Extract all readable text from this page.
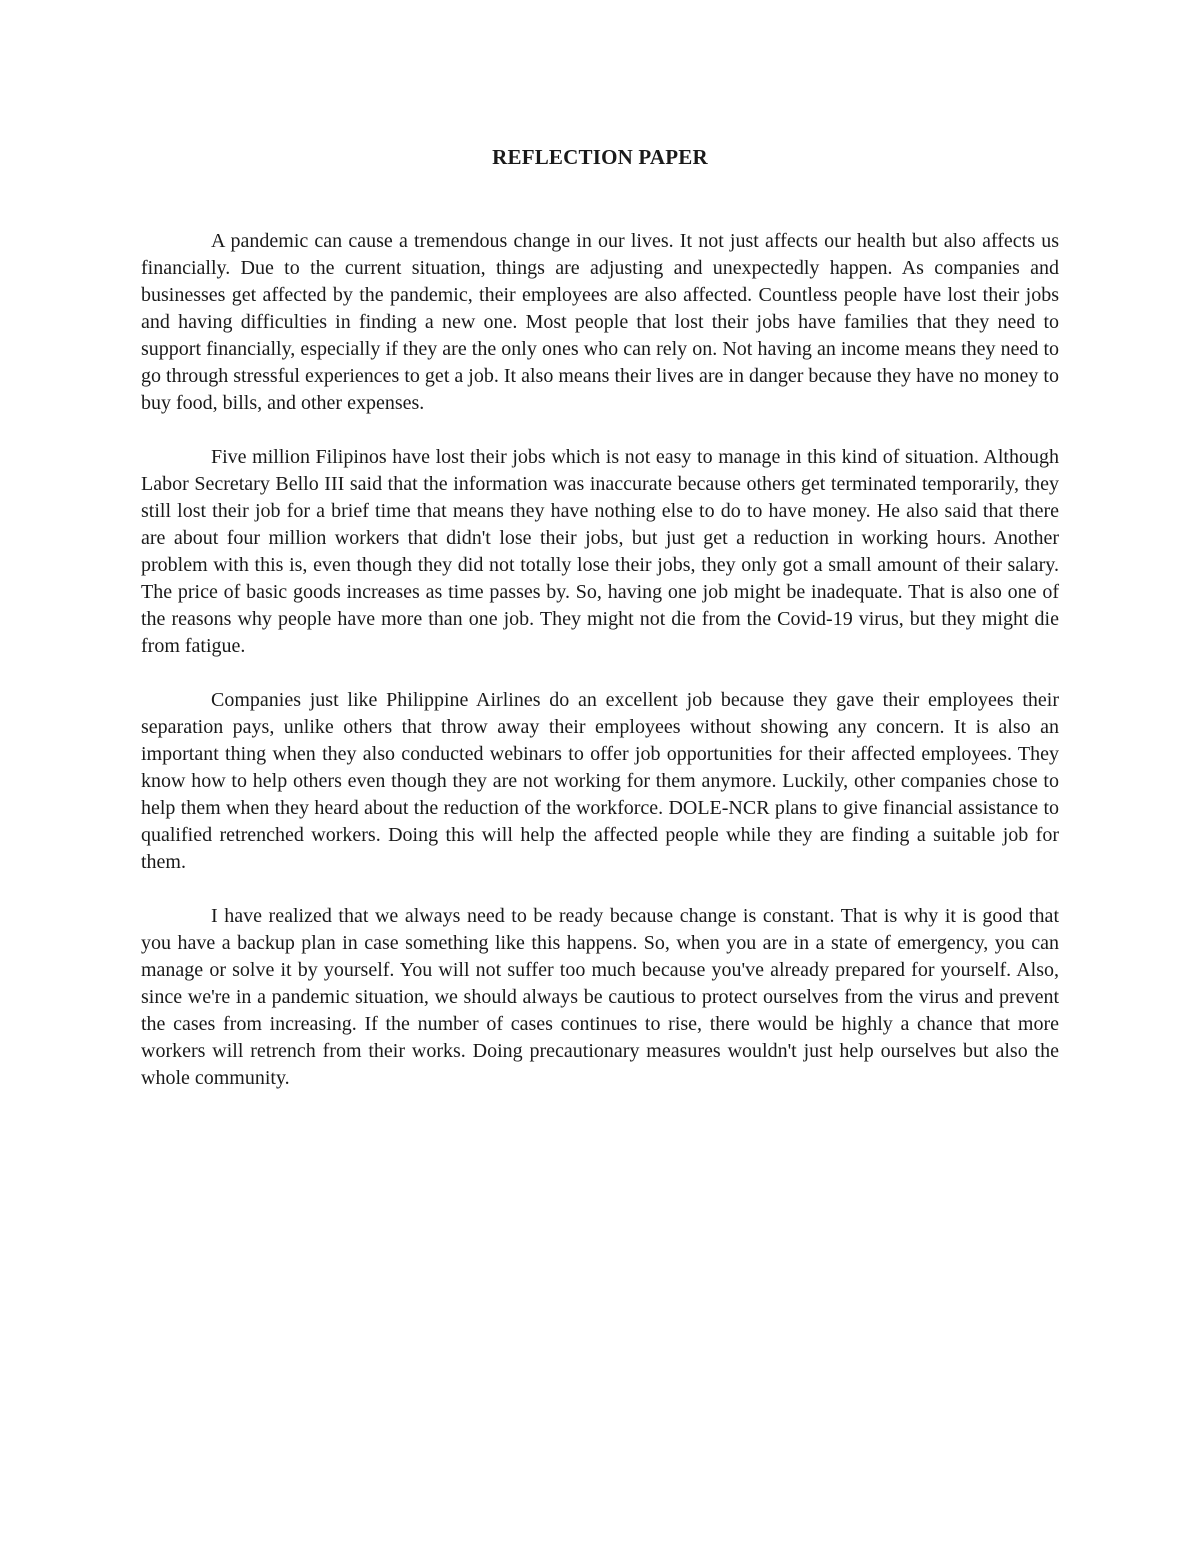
REFLECTION PAPER

A pandemic can cause a tremendous change in our lives. It not just affects our health but also affects us financially. Due to the current situation, things are adjusting and unexpectedly happen. As companies and businesses get affected by the pandemic, their employees are also affected. Countless people have lost their jobs and having difficulties in finding a new one. Most people that lost their jobs have families that they need to support financially, especially if they are the only ones who can rely on. Not having an income means they need to go through stressful experiences to get a job. It also means their lives are in danger because they have no money to buy food, bills, and other expenses.

Five million Filipinos have lost their jobs which is not easy to manage in this kind of situation. Although Labor Secretary Bello III said that the information was inaccurate because others get terminated temporarily, they still lost their job for a brief time that means they have nothing else to do to have money. He also said that there are about four million workers that didn't lose their jobs, but just get a reduction in working hours. Another problem with this is, even though they did not totally lose their jobs, they only got a small amount of their salary. The price of basic goods increases as time passes by. So, having one job might be inadequate. That is also one of the reasons why people have more than one job. They might not die from the Covid-19 virus, but they might die from fatigue.

Companies just like Philippine Airlines do an excellent job because they gave their employees their separation pays, unlike others that throw away their employees without showing any concern. It is also an important thing when they also conducted webinars to offer job opportunities for their affected employees. They know how to help others even though they are not working for them anymore. Luckily, other companies chose to help them when they heard about the reduction of the workforce. DOLE-NCR plans to give financial assistance to qualified retrenched workers. Doing this will help the affected people while they are finding a suitable job for them.

I have realized that we always need to be ready because change is constant. That is why it is good that you have a backup plan in case something like this happens. So, when you are in a state of emergency, you can manage or solve it by yourself. You will not suffer too much because you've already prepared for yourself. Also, since we're in a pandemic situation, we should always be cautious to protect ourselves from the virus and prevent the cases from increasing. If the number of cases continues to rise, there would be highly a chance that more workers will retrench from their works. Doing precautionary measures wouldn't just help ourselves but also the whole community.
